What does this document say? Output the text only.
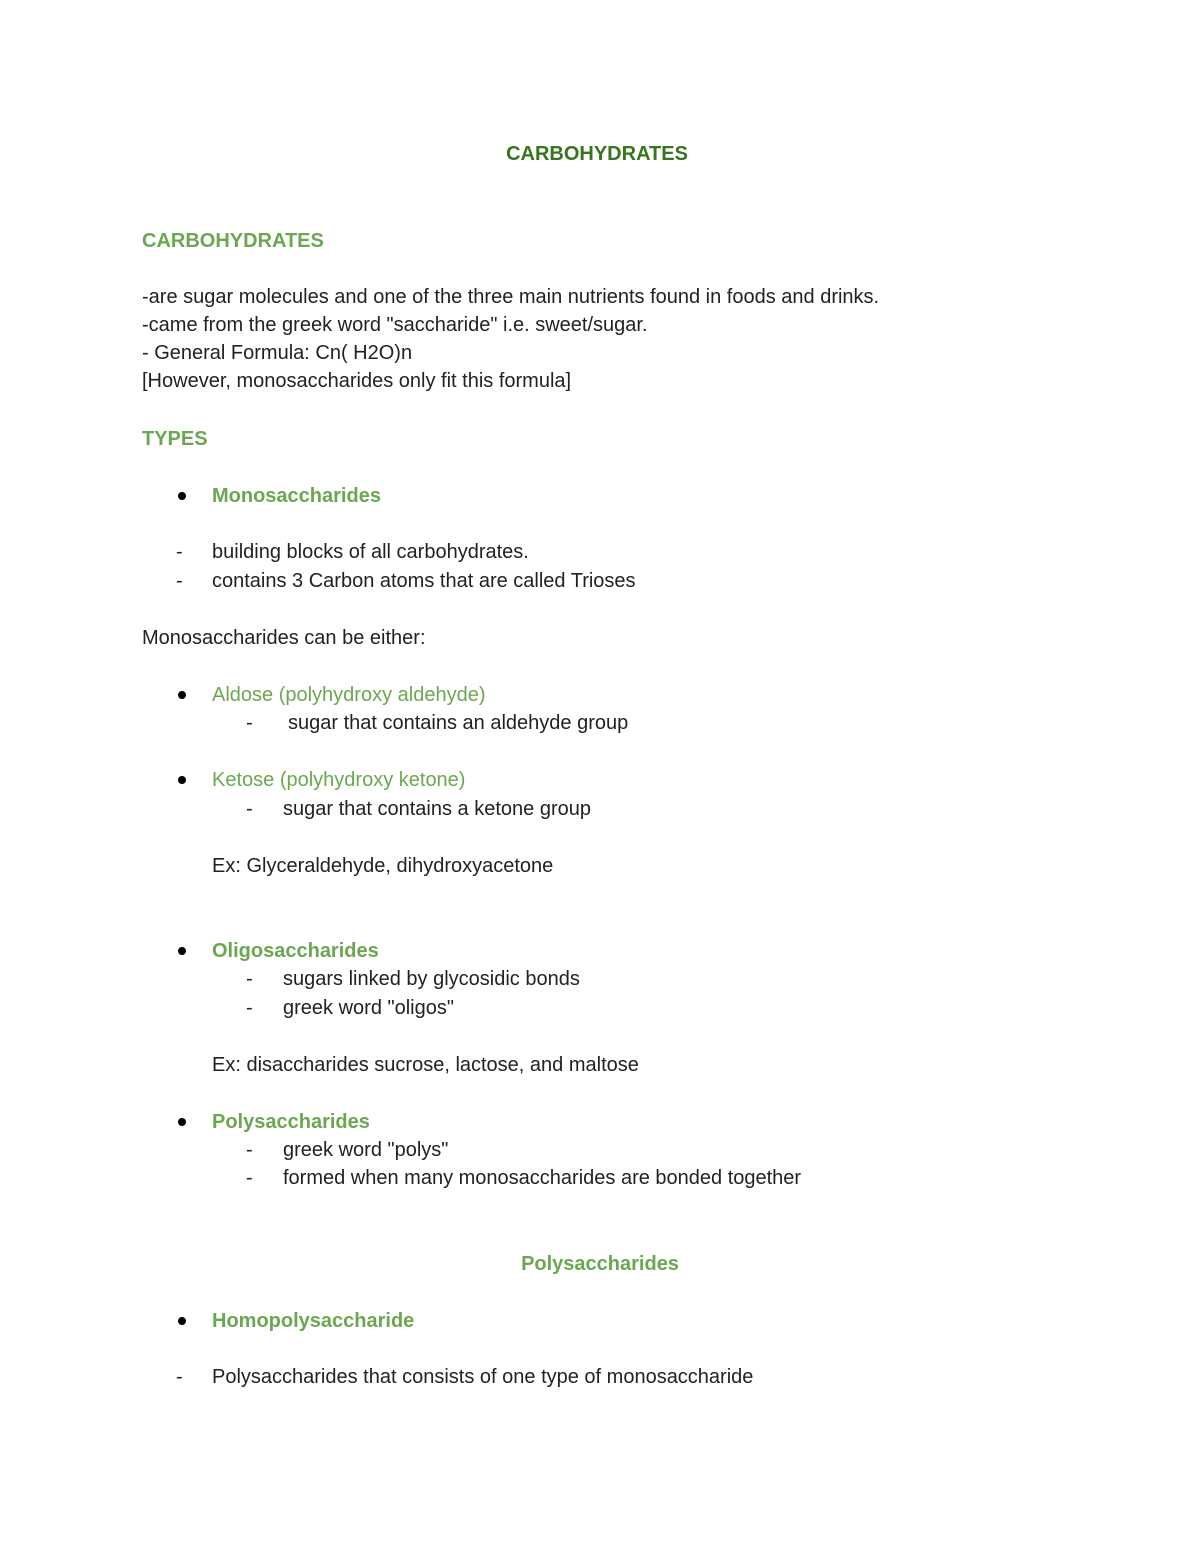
CARBOHYDRATES
CARBOHYDRATES
-are sugar molecules and one of the three main nutrients found in foods and drinks.
-came from the greek word "saccharide" i.e. sweet/sugar.
- General Formula: Cn( H2O)n
[However, monosaccharides only fit this formula]
TYPES
Monosaccharides
- building blocks of all carbohydrates.
- contains 3 Carbon atoms that are called Trioses
Monosaccharides can be either:
Aldose (polyhydroxy aldehyde)
- sugar that contains an aldehyde group
Ketose (polyhydroxy ketone)
- sugar that contains a ketone group
Ex: Glyceraldehyde, dihydroxyacetone
Oligosaccharides
- sugars linked by glycosidic bonds
- greek word "oligos"
Ex: disaccharides sucrose, lactose, and maltose
Polysaccharides
- greek word "polys"
- formed when many monosaccharides are bonded together
Polysaccharides
Homopolysaccharide
- Polysaccharides that consists of one type of monosaccharide
